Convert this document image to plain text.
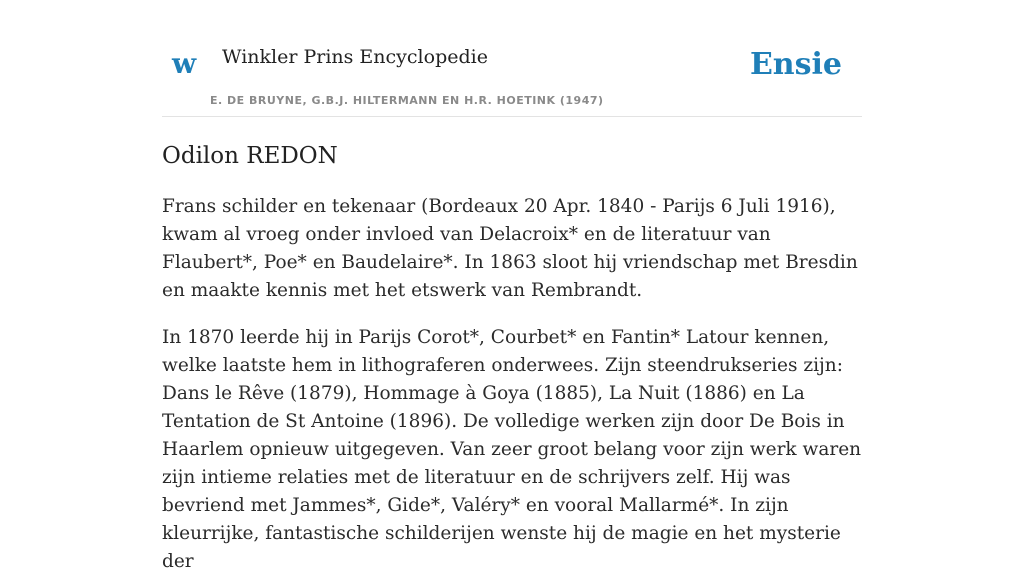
w Winkler Prins Encyclopedie
E. DE BRUYNE, G.B.J. HILTERMANN EN H.R. HOETINK (1947)
Ensie
Odilon REDON

Frans schilder en tekenaar (Bordeaux 20 Apr. 1840 - Parijs 6 Juli 1916), kwam al vroeg onder invloed van Delacroix* en de literatuur van Flaubert*, Poe* en Baudelaire*. In 1863 sloot hij vriendschap met Bresdin en maakte kennis met het etswerk van Rembrandt.

In 1870 leerde hij in Parijs Corot*, Courbet* en Fantin* Latour kennen, welke laatste hem in lithograferen onderwees. Zijn steendrukseries zijn: Dans le Rêve (1879), Hommage à Goya (1885), La Nuit (1886) en La Tentation de St Antoine (1896). De volledige werken zijn door De Bois in Haarlem opnieuw uitgegeven. Van zeer groot belang voor zijn werk waren zijn intieme relaties met de literatuur en de schrijvers zelf. Hij was bevriend met Jammes*, Gide*, Valéry* en vooral Mallarmé*. In zijn kleurrijke, fantastische schilderijen wenste hij de magie en het mysterie der
